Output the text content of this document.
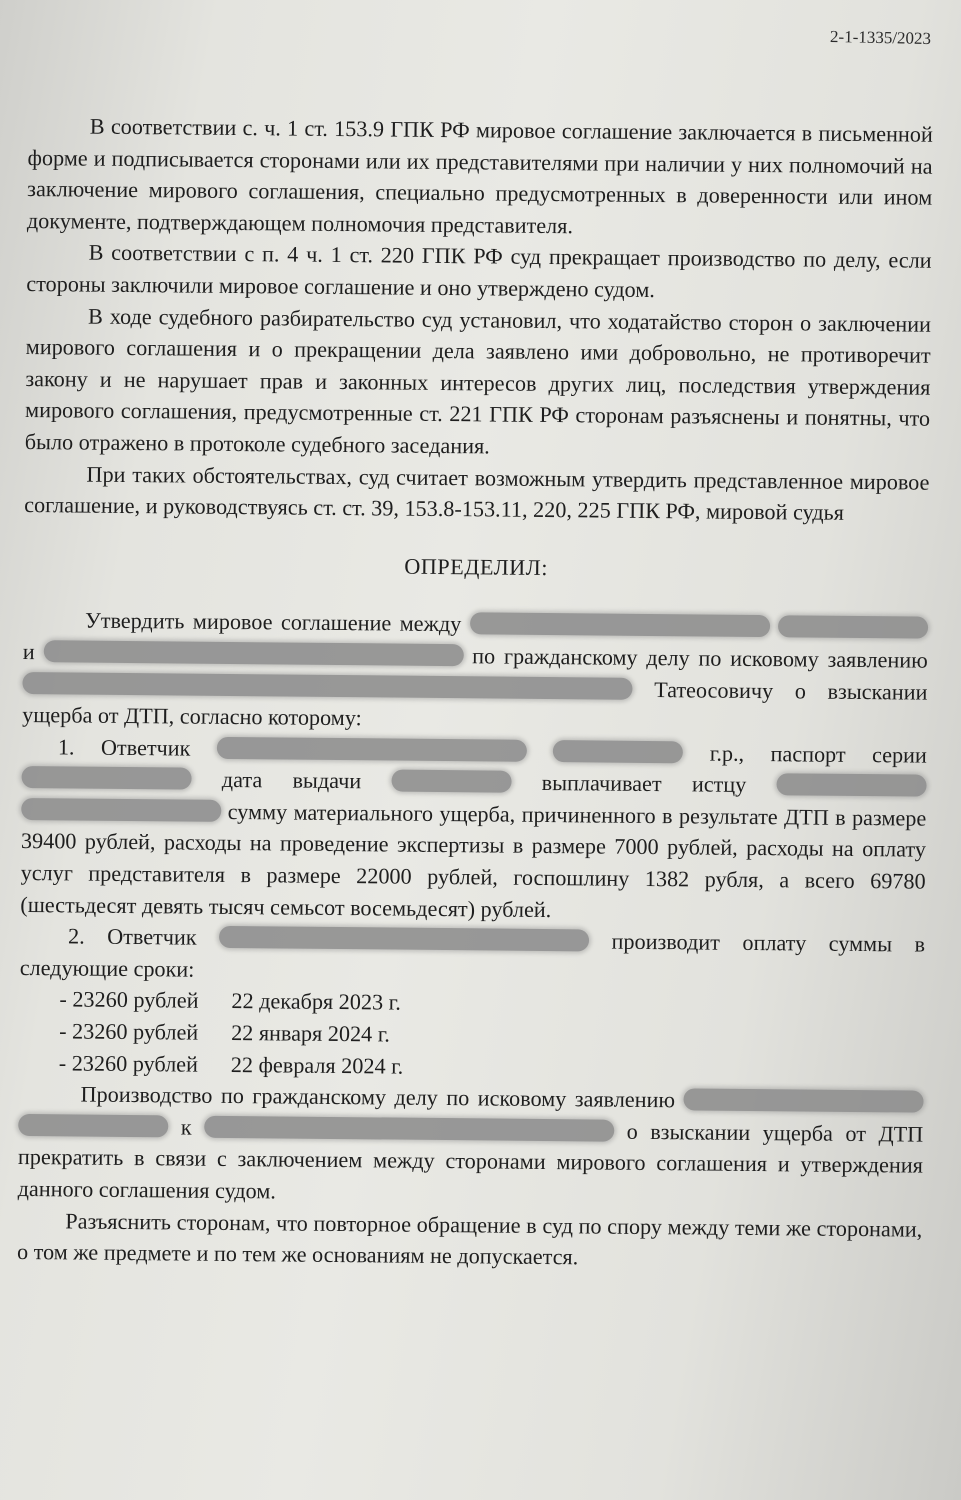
2-1-1335/2023

В соответствии с. ч. 1 ст. 153.9 ГПК РФ мировое соглашение заключается в письменной форме и подписывается сторонами или их представителями при наличии у них полномочий на заключение мирового соглашения, специально предусмотренных в доверенности или ином документе, подтверждающем полномочия представителя.

В соответствии с п. 4 ч. 1 ст. 220 ГПК РФ суд прекращает производство по делу, если стороны заключили мировое соглашение и оно утверждено судом.

В ходе судебного разбирательство суд установил, что ходатайство сторон о заключении мирового соглашения и о прекращении дела заявлено ими добровольно, не противоречит закону и не нарушает прав и законных интересов других лиц, последствия утверждения мирового соглашения, предусмотренные ст. 221 ГПК РФ сторонам разъяснены и понятны, что было отражено в протоколе судебного заседания.

При таких обстоятельствах, суд считает возможным утвердить представленное мировое соглашение, и руководствуясь ст. ст. 39, 153.8-153.11, 220, 225 ГПК РФ, мировой судья

ОПРЕДЕЛИЛ:

Утвердить мировое соглашение между   и	по гражданскому делу по исковому заявлению  Татеосовичу о взыскании ущерба от ДТП, согласно которому:

1. Ответчик	г.р., паспорт серии  дата выдачи	выплачивает истцу   сумму материального ущерба, причиненного в результате ДТП в размере 39400 рублей, расходы на проведение экспертизы в размере 7000 рублей, расходы на оплату услуг представителя в размере 22000 рублей, госпошлину 1382 рубля, а всего 69780 (шестьдесят девять тысяч семьсот восемьдесят) рублей.

2. Ответчик	производит оплату суммы в следующие сроки:

- 23260 рублей 22 декабря 2023 г.
- 23260 рублей 22 января 2024 г.
- 23260 рублей 22 февраля 2024 г.

Производство по гражданскому делу по исковому заявлению   к	о взыскании ущерба от ДТП прекратить в связи с заключением между сторонами мирового соглашения и утверждения данного соглашения судом.

Разъяснить сторонам, что повторное обращение в суд по спору между теми же сторонами, о том же предмете и по тем же основаниям не допускается.
